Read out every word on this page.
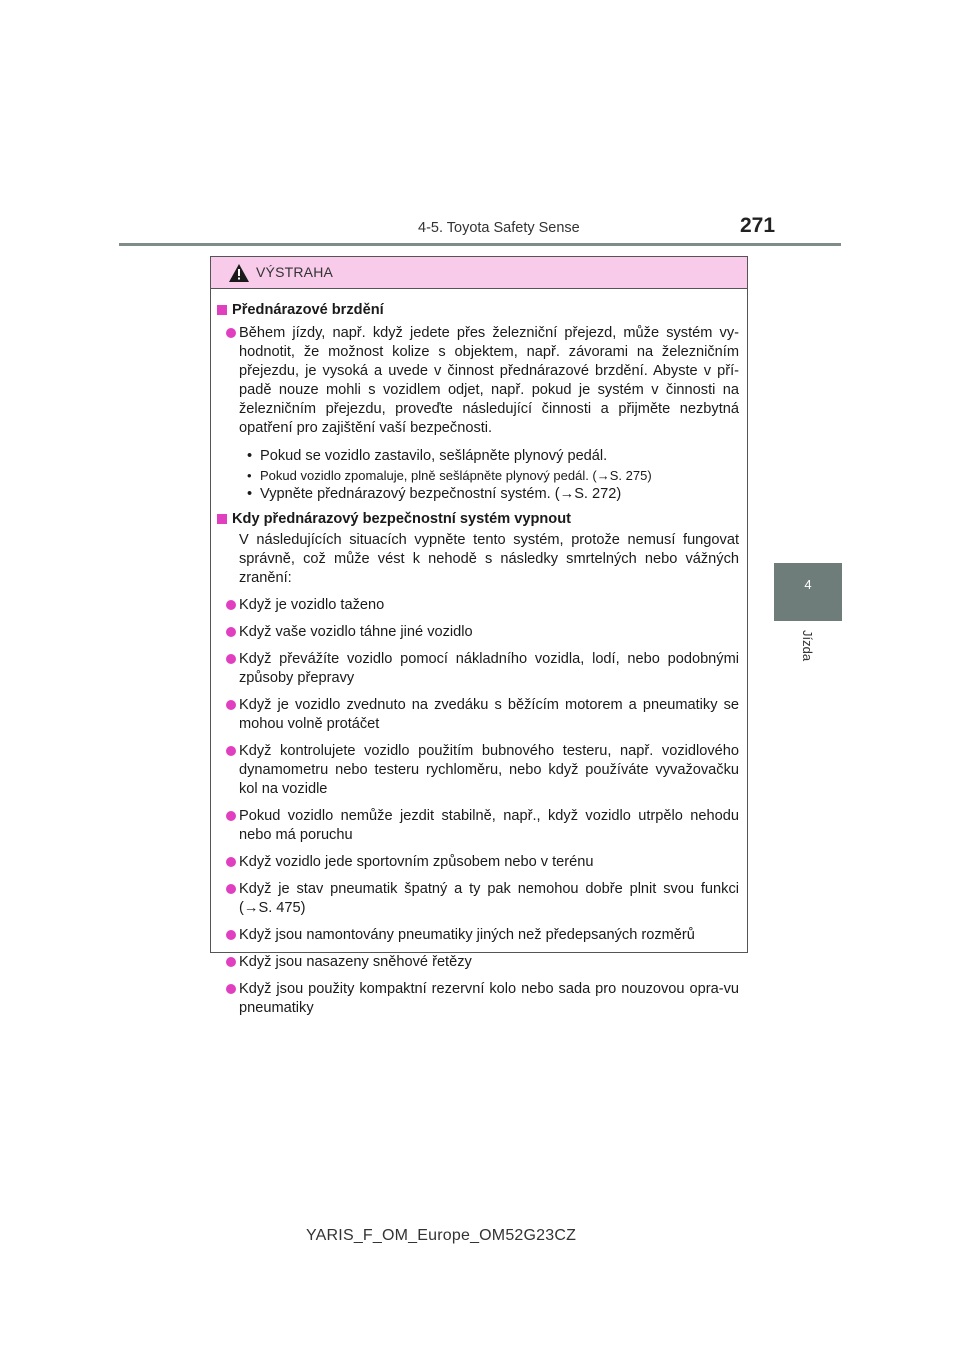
4-5. Toyota Safety Sense	271
4
Jízda
VÝSTRAHA
Přednárazové brzdění
Během jízdy, např. když jedete přes železniční přejezd, může systém vy-hodnotit, že možnost kolize s objektem, např. závorami na železničním přejezdu, je vysoká a uvede v činnost přednárazové brzdění. Abyste v pří-padě nouze mohli s vozidlem odjet, např. pokud je systém v činnosti na železničním přejezdu, proveďte následující činnosti a přijměte nezbytná opatření pro zajištění vaší bezpečnosti.
• Pokud se vozidlo zastavilo, sešlápněte plynový pedál.
• Pokud vozidlo zpomaluje, plně sešlápněte plynový pedál. (→S. 275)
• Vypněte přednárazový bezpečnostní systém. (→S. 272)
Kdy přednárazový bezpečnostní systém vypnout
V následujících situacích vypněte tento systém, protože nemusí fungovat správně, což může vést k nehodě s následky smrtelných nebo vážných zranění:
Když je vozidlo taženo
Když vaše vozidlo táhne jiné vozidlo
Když převážíte vozidlo pomocí nákladního vozidla, lodí, nebo podobnými způsoby přepravy
Když je vozidlo zvednuto na zvedáku s běžícím motorem a pneumatiky se mohou volně protáčet
Když kontrolujete vozidlo použitím bubnového testeru, např. vozidlového dynamometru nebo testeru rychloměru, nebo když používáte vyvažovačku kol na vozidle
Pokud vozidlo nemůže jezdit stabilně, např., když vozidlo utrpělo nehodu nebo má poruchu
Když vozidlo jede sportovním způsobem nebo v terénu
Když je stav pneumatik špatný a ty pak nemohou dobře plnit svou funkci (→S. 475)
Když jsou namontovány pneumatiky jiných než předepsaných rozměrů
Když jsou nasazeny sněhové řetězy
Když jsou použity kompaktní rezervní kolo nebo sada pro nouzovou opra-vu pneumatiky
YARIS_F_OM_Europe_OM52G23CZ
